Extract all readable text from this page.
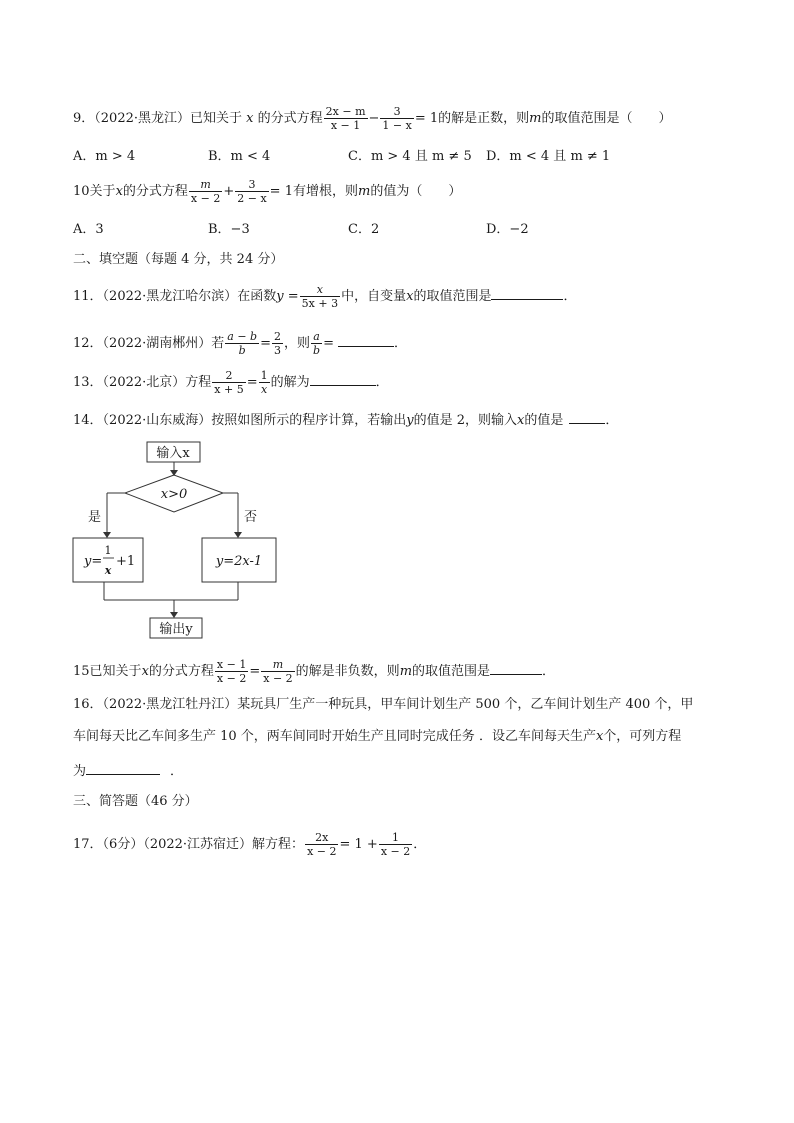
9．（2022·黑龙江）已知关于 x 的分式方程 $\frac{2x - m}{x - 1} - \frac{3}{1 - x} = 1$的解是正数，则m的取值范围是（　　）
A．m > 4	B．m < 4	C．m > 4 且 m ≠ 5 D．m < 4 且 m ≠ 1
10关于x的分式方程 $\frac{m}{x - 2} + \frac{3}{2 - x} = 1$有增根，则m的值为（　　）
A．3	B．−3	C．2	D．−2
二、填空题（每题 4 分，共 24 分）
11．（2022·黑龙江哈尔滨）在函数$y = \frac{x}{5x + 3}$ 中，自变量x的取值范围是	．
12．（2022·湖南郴州）若 $\frac{a - b}{b} = \frac{2}{3}$ ，则 $\frac{a}{b}$ =	．
13．（2022·北京）方程 $\frac{2}{x + 5} = \frac{1}{x}$ 的解为	．
14．（2022·山东威海）按照如图所示的程序计算，若输出y的值是 2，则输入x的值是	．
输入x
x>0
是	否
y=
1
x
+1	y=2x-1
输出y
15已知关于x的分式方程 $\frac{x - 1}{x - 2} = \frac{m}{x - 2}$ 的解是非负数，则m的取值范围是	．
16．（2022·黑龙江牡丹江）某玩具厂生产一种玩具，甲车间计划生产 500 个，乙车间计划生产 400 个，甲
车间每天比乙车间多生产 10 个，两车间同时开始生产且同时完成任务 ．设乙车间每天生产x个，可列方程
为	．
三、简答题（46 分）
17．（6分）（2022·江苏宿迁）解方程： $\frac{2x}{x - 2} = 1 + \frac{1}{x - 2}$ ．
